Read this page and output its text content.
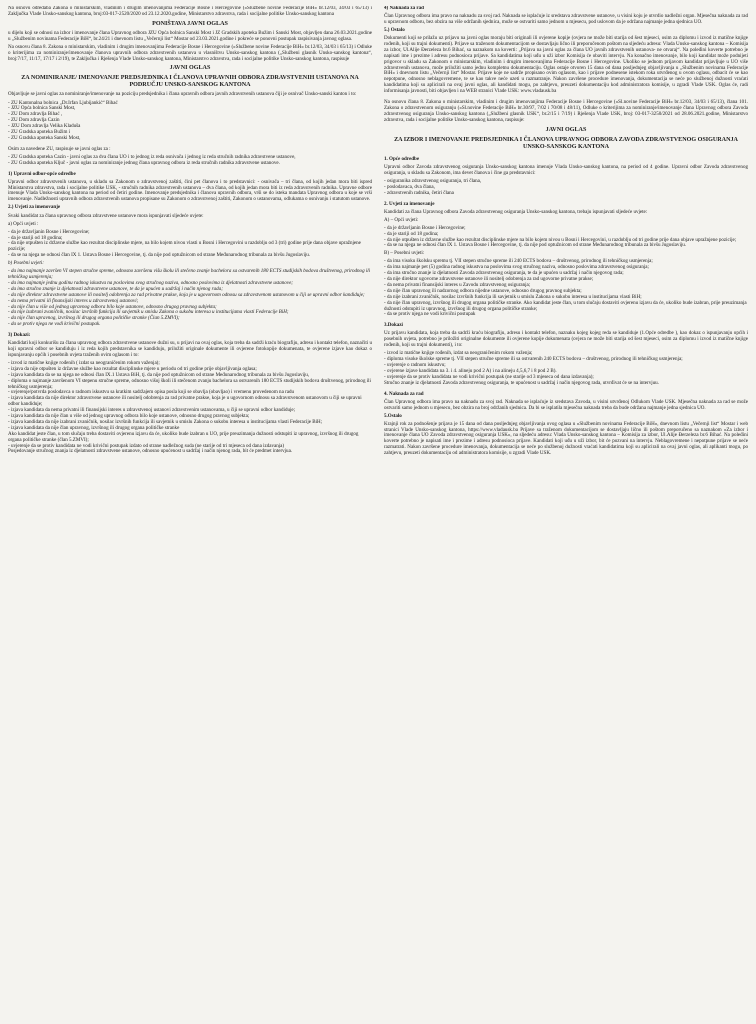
Na osnovu odredaba Zakona o ministarskim, vladinim i drugim imenovanjima Federacije Bosne i Hercegovine (»Službene novine Federacije BiH« br.12/03, 34/03 i 65/13) i Zaključka Vlade Unsko-sanskog kantona, broj:03-017-2520/2020 od 23.12.2020.godine, Ministarstvo zdravstva, rada i socijalne politike Unsko-sanskog kantona

PONIŠTAVA JAVNI OGLAS

u dijelu koji se odnosi na izbor i imenovanje člana Upravnog odbora JZU Opća bolnica Sanski Most i JZ Gradskih apoteka Bužim i Sanski Most, objavljen dana 26.03.2021.godine u „Službenim novinama Federacije BiH“, br.24/21 i dnevnom listu „Večernji list“ Mostar od 23.03.2021.godine i pokreće se ponovni postupak raspisivanja javnog oglasa.

Na osnovu člana 8. Zakona o ministarskim, vladinim i drugim imenovanjima Federacije Bosne i Hercegovine (»Službene novine Federacije BiH« br.12/03, 34/03 i 65/13) i Odluke o kriterijima za nominiranje/imenovanje članova upravnih odbora zdravstvenih ustanova u vlasništvu Unsko-sanskog kantona („Službeni glasnik Unsko-sanskog kantona“, broj:7/17, 11/17, 17/17 i 2/19), te Zaključka i Rješenja Vlade Unsko-sanskog kantona, Ministarstvo zdravstva, rada i socijalne politike Unsko-sanskog kantona, raspisuje

JAVNI OGLAS
ZA NOMINIRANJE/ IMENOVANJE PREDSJEDNIKA I ČLANOVA UPRAVNIH ODBORA ZDRAVSTVENIH USTANOVA NA PODRUČJU UNSKO-SANSKOG KANTONA

Objavljuje se javni oglas za nominiranje/imenovanje na poziciju predsjednika i člana upravnih odbora javnih zdravstvenih ustanova čiji je osnivač Unsko-sanski kanton i to:

- ZU Kantonalna bolnica „Dr.Irfan Ljubijankić“ Bihać
- JZU Opća bolnica Sanski Most,
- ZU Dom zdravlja Bihać ,
- ZU Dom zdravlja Cazin
- JZU Dom zdravlja Velika Kladuša
- ZU Gradska apoteka Bužim i
- ZU Gradska apoteka Sanski Most,

Osim za navedene ZU, raspisuje se javni oglas za :

- ZU Gradska apoteka Cazin - javni oglas za dva člana UO i to jednog iz reda osnivača i jednog iz reda stručnih radnika zdravstvene ustanove,
- ZU Gradska apoteka Ključ - javni oglas za nominiranje jednog člana upravnog odbora iz reda stručnih radnika zdravstvene ustanove.

1) Upravni odbor-opće odredbe

Upravni odbor zdravstvenih ustanova, u skladu sa Zakonom o zdravstvenoj zaštiti, čini pet članova i to predstavnici: - osnivača – tri člana, od kojih jedan mora biti ispred Ministarstva zdravstva, rada i socijalne politike USK, - stručnih radnika zdravstvenih ustanova – dva člana, od kojih jedan mora biti iz reda zdravstvenih radnika. Upravne odbore imenuje Vlada Unsko-sanskog kantona na period od četiri godine. Imenovanje predsjednika i članova upravnih odbora, vrši se do isteka mandata Upravnog odbora u koje se vrši imenovanje. Nadležnosti upravnih odbora zdravstvenih ustanova propisane su Zakonom o zdravstvenoj zaštiti, Zakonom o ustanovama, odlukama o osnivanju i statutom ustanove.

2.) Uvjeti za imenovanje

Svaki kandidat za člana upravnog odbora zdravstvene ustanove mora ispunjavati sljedeće uvjete:

a) Opći uvjeti :

- da je državljanin Bosne i Hercegovine;
- da je stariji od 18 godina;
- da nije otpušten iz državne službe kao rezultat disciplinske mjere, na bilo kojem nivou vlasti u Bosni i Hercegovini u razdoblju od 3 (tri) godine prije dana objave upražnjene pozicije;
- da se na njega ne odnosi član IX 1. Ustava Bosne i Hercegovine, tj. da nije pod optužnicom od strane Međunarodnog tribunala za bivšu Jugoslaviju.

b) Posebni uvjeti:

- da ima najmanje završen VI stepen stručne spreme, odnosno završenu višu školu ili stečeno zvanje bachelora sa ostvarenih 180 ECTS studijskih bodova društvenog, prirodnog ili tehničkog usmjerenja;
- da ima najmanje jednu godinu radnog iskustva na poslovima svog stručnog naziva, odnosno poslovima iz djelatnosti zdravstvene ustanove;
- da ima stručno znanje iz djelatnosti zdravstvene ustanove, te da je upućen u sadržaj i način njenog rada;
- da nije direktor zdravstvene ustanove ili nositelj odobrenja za rad privatne prakse, koja je u ugovornom odnosu sa zdravstvenom ustanovom u čiji se upravni odbor kandiduje;
- da nema privatni ili finansijski interes u zdravstvenoj ustanovi;
- da nije član u više od jednog upravnog odbora bilo koje ustanove, odnosno drugog pravnog subjekta;
- da nije izabrani zvaničnik, nosilac izvršnih funkcija ili savjetnik u smislu Zakona o sukobu interesa u institucijama vlasti Federacije BiH;
- da nije član upravnog, izvršnog ili drugog organa političke stranke (Član 5.ZMVI);
- da se protiv njega ne vodi krivični postupak.

3) Dokazi:

Kandidati koji konkurišu za člana upravnog odbora zdravstvene ustanove dužni su, u prijavi na ovaj oglas, koja treba da sadrži kraću biografiju, adresu i kontakt telefon, naznačiti u koji upravni odbor se kandiduju i iz reda kojih predstavnika se kandiduju, priložiti originale dokumente ili ovjerene fotokopije dokumenata, te ovjerene izjave kao dokaz o ispunjavanju općih i posebnih uvjeta traženih ovim oglasom i to:

- izvod iz matične knjige rođenih ( izdat sa neograničenim rokom važenja);
- izjava da nije otpušten iz državne službe kao rezultat disciplinske mjere u periodu od tri godine prije objavljivanja oglasa;
- izjava kandidata da se na njega ne odnosi član IX.1 Ustava BiH, tj. da nije pod optužnicom od strane Međunarodnog tribunala za bivšu Jugoslaviju,
- diploma o najmanje završenom VI stepenu stručne spreme, odnosno višoj školi ili stečenom zvanju bachelora sa ostvarenih 180 ECTS studijskih bodova društvenog, prirodnog ili tehničkog usmjerenja;
- uvjerenje/potvrda poslodavca o radnom iskustvu sa kratkim sadržajem opisa posla koji se obavlja (obavljao) i vremenu provedenom na radu
- izjava kandidata da nije direktor zdravstvene ustanove ili nositelj odobrenja za rad privatne prakse, koja je u ugovornom odnosu sa zdravstvenom ustanovom u čiji se upravni odbor kandiduje;
- izjava kandidata da nema privatni ili finansijski interes u zdravstvenoj ustanovi zdravstvenim ustanovama, u čiji se upravni odbor kandiduje;
- izjava kandidata da nije član u više od jednog upravnog odbora bilo koje ustanove, odnosno drugog pravnog subjekta;
- izjava kandidata da nije izabrani zvaničnik, nosilac izvršnih funkcija ili savjetnik u smislu Zakona o sukobu interesa u institucijama vlasti Federacije BiH;
- izjava kandidata da nije član upravnog, izvršnog ili drugog organa političke stranke
Ako kandidat jeste član, u tom slučaju treba dostaviti ovjerenu izjavu da će, ukoliko bude izabran u UO, prije preuzimanja dužnosti odstupiti iz upravnog, izvršnog ili drugog organa političke stranke (član 5.ZMVI);
- uvjerenje da se protiv kandidata ne vodi krivični postupak izdato od strane nadležnog suda (ne starije od tri mjeseca od dana izdavanja)
Posjedovanje stručnog znanja iz djelatnosti zdravstvene ustanove, odnosno upućenost u sadržaj i način njenog rada, bit će predmet intervjua.

4) Naknada za rad

Član Upravnog odbora ima pravo na naknadu za svoj rad. Naknada se isplaćuje iz sredstava zdravstvene ustanove, u visini koju je utvrdio nadležni organ. Mjesečna naknada za rad u upravnom odboru, bez obzira na više održanih sjednica, može se ostvariti samo jednom u mjesecu, pod uslovom da je održana najmanje jedna sjednica UO.

5.) Ostalo

Dokumenti koji se prilažu uz prijavu na javni oglas moraju biti originali ili ovjerene kopije (ovjera ne može biti starija od šest mjeseci, osim za diplomu i izvod iz matične knjige rođenih, koji su trajni dokumenti). Prijave sa traženom dokumentacijom se dostavljaju lično ili preporučenom poštom na sljedeću adresu: Vlada Unsko-sanskog kantona – Komisija za izbor, Ul.Alije Đerzeleza br.6 Bihać, sa naznakom na koverti: „Prijava na javni oglas za člana UO javnih zdravstvenih ustanova- ne otvaraj“. Na poleđini koverte potrebno je napisati ime i prezime i adresu podnosioca prijave. Sa kandidatima koji uđu u uži izbor Komisija će obaviti intervju. Na konačno imenovanje, bilo koji kandidat može podnijeti prigovor u skladu sa Zakonom o ministarskim, vladinim i drugim imenovanjima Federacije Bosne i Hercegovine. Ukoliko se jednom prijavom kandidat prijavljuje u UO više zdravstvenih ustanova, može priložiti samo jednu kompletnu dokumentaciju. Oglas ostaje otvoren 15 dana od dana posljednjeg objavljivanja u „Službenim novinama Federacije BiH« i dnevnom listu „Večernji list“ Mostar. Prijave koje ne sadrže propisano ovim oglasom, kao i prijave podnesene istekom roka utvrđenog u ovom oglasu, odbacit će se kao nepotpune, odnosno neblagovremene, te se kao takve neće uzeti u razmatranje. Nakon završene procedure imenovanja, dokumentacija se neće po službenoj dužnosti vraćati kandidatima koji su aplicirali na ovaj javni oglas, ali kandidati mogu, po zahtjevu, preuzeti dokumentaciju kod administratora komisije, u zgradi Vlade USK. Oglas će, radi informisanja javnosti, biti objavljen i na WEB stranici Vlade USK: www.vladausk.ba

Na osnovu člana 8. Zakona o ministarskim, vladinim i drugim imenovanjima Federacije Bosne i Hercegovine (»Sl.novine Federacije BiH« br.12/03, 34/03 i 65/13), člana 101. Zakona o zdravstvenom osiguranju (»Sl.novine Federacije BiH« br.30/97, 7/02 i 70/08 i 48/11), Odluke o kriterijima za nominiranje/imenovanje člana Upravnog odbora Zavoda zdravstvenog osiguranja Unsko-sanskog kantona („Službeni glasnik USK“, br.2/15 i 7/19) i Rješenja Vlade USK, broj: 03-017-3250/2021 od 28.06.2021.godine, Ministarstvo zdravstva, rada i socijalne politike Unsko-sanskog kantona, raspisuje:

JAVNI OGLAS
ZA IZBOR I IMENOVANJE PREDSJEDNIKA I ČLANOVA UPRAVNOG ODBORA ZAVODA ZDRAVSTVENOG OSIGURANJA UNSKO-SANSKOG KANTONA

1. Opće odredbe

Upravni odbor Zavoda zdravstvenog osiguranja Unsko-sanskog kantona imenuje Vlada Unsko-sanskog kantona, na period od 4 godine. Upravni odbor Zavoda zdravstvenog osiguranja, u skladu sa Zakonom, ima devet članova i čine ga predstavnici:

- osiguranika zdravstvenog osiguranja, tri člana,
- poslodavaca, dva člana,
- zdravstvenih radnika, četiri člana

2. Uvjeti za imenovanje

Kandidati za člana Upravnog odbora Zavoda zdravstvenog osiguranja Unsko-sanskog kantona, trebaju ispunjavati sljedeće uvjete:

A) – Opći uvjeti:

- da je državljanin Bosne i Hercegovine;
- da je stariji od 18 godina;
- da nije otpušten iz državne službe kao rezultat disciplinske mjere na bilo kojem nivou u Bosni i Hercegovini, u razdoblju od tri godine prije dana objave upražnjene pozicije;
- da se na njega ne odnosi član IX 1. Ustava Bosne i Hercegovine, tj. da nije pod optužnicom od strane Međunarodnog tribunala za bivšu Jugoslaviju.

B) – Posebni uvjeti:

- da ima visoku školsku spremu tj. VII stepen stručne spreme ili 240 ECTS bodova – društvenog, prirodnog ili tehničkog usmjerenja;
- da ima najmanje pet (5) godina radnog iskustva na poslovima svog stručnog naziva, odnosno poslovima zdravstvenog osiguranja;
- da ima stručno znanje iz djelatnosti Zavoda zdravstvenog osiguranja, te da je upućen u sadržaj i način njegovog rada;
- da nije direktor ugovorne zdravstvene ustanove ili nositelj odobrenja za rad ugovorne privatne prakse;
- da nema privatni finansijski interes u Zavodu zdravstvenog osiguranja;
- da nije član upravnog ili nadzornog odbora nijedne ustanove, odnosno drugog pravnog subjekta;
- da nije izabrani zvaničnik, nosilac izvršnih funkcija ili savjetnik u smislu Zakona o sukobu interesa u institucijama vlasti BiH;
- da nije član upravnog, izvršnog ili drugog organa političke stranke. Ako kandidat jeste član, u tom slučaju dostaviti ovjerenu izjavu da će, ukoliko bude izabran, prije preuzimanja dužnosti odstupiti iz upravnog, izvršnog ili drugog organa političke stranke;
- da se protiv njega ne vodi krivični postupak

3.Dokazi

Uz prijavu kandidata, koja treba da sadrži kraću biografiju, adresu i kontakt telefon, naznaku kojeg kojeg reda se kandiduje (1.Opće odredbe ), kao dokaz o ispunjavanju općih i posebnih uvjeta, potrebno je priložiti originalne dokumente ili ovjerene kopije dokumenata (ovjera ne može biti starija od šest mjeseci, osim za diplomu i izvod iz matične knjige rođenih, koji su trajni dokumenti), i to:

- izvod iz matične knjige rođenih, izdat sa neograničenim rokom važenja;
- diploma visoke školske spreme tj. VII stepen stručne spreme ili sa ostvarenih 240 ECTS bodova – društvenog, prirodnog ili tehničkog usmjerenja;
- uvjerenje o radnom iskustvu;
- ovjerene izjave kandidata na 3. i 4. alineju pod 2 A) i na alineju 4,5,6,7 i 8 pod 2 B).
- uvjerenje da se protiv kandidata ne vodi krivični postupak (ne starije od 3 mjeseca od dana izdavanja);
Stručno znanje iz djelatnosti Zavoda zdravstvenog osiguranja, te upućenost u sadržaj i način njegovog rada, utvrđivat će se na intervjuu.

4. Naknada za rad

Član Upravnog odbora ima pravo na naknadu za svoj rad. Naknada se isplaćuje iz sredstava Zavoda, u visini utvrđenoj Odlukom Vlade USK. Mjesečna naknada za rad se može ostvariti samo jednom u mjesecu, bez obzira na broj održanih sjednica. Da bi se isplatila mjesečna naknada treba da bude održana najmanje jedna sjednica UO.

5.Ostalo

Krajnji rok za podnošenje prijava je 15 dana od dana posljednjeg objavljivanja ovog oglasa u «Službenim novinama Federacije BiH», dnevnom listu „Večernji list“ Mostar i web stranici Vlade Unsko-sanskog kantona, https://www.vladausk.ba Prijave sa traženom dokumentacijom se dostavljaju lično ili poštom preporučeno sa naznakom «Za izbor i imenovanje člana UO Zavoda zdravstvenog osiguranja USK», na sljedeću adresu: Vlada Unsko-sanskog kantona – Komisija za izbor, Ul.Alije Đerzeleza br.6 Bihać. Na poleđini koverte potrebno je napisati ime i prezime i adresu podnosioca prijave. Kandidati koji uđu u uži izbor, bit će pozvani na intervju. Neblagovremene i nepotpune prijave se neće razmatrati. Nakon završene procedure imenovanja, dokumentacija se neće po službenoj dužnosti vraćati kandidatima koji su aplicirali na ovaj javni oglas, ali aplikanti mogu, po zahtjevu, preuzeti dokumentaciju od administratora komisije, u zgradi Vlade USK.
